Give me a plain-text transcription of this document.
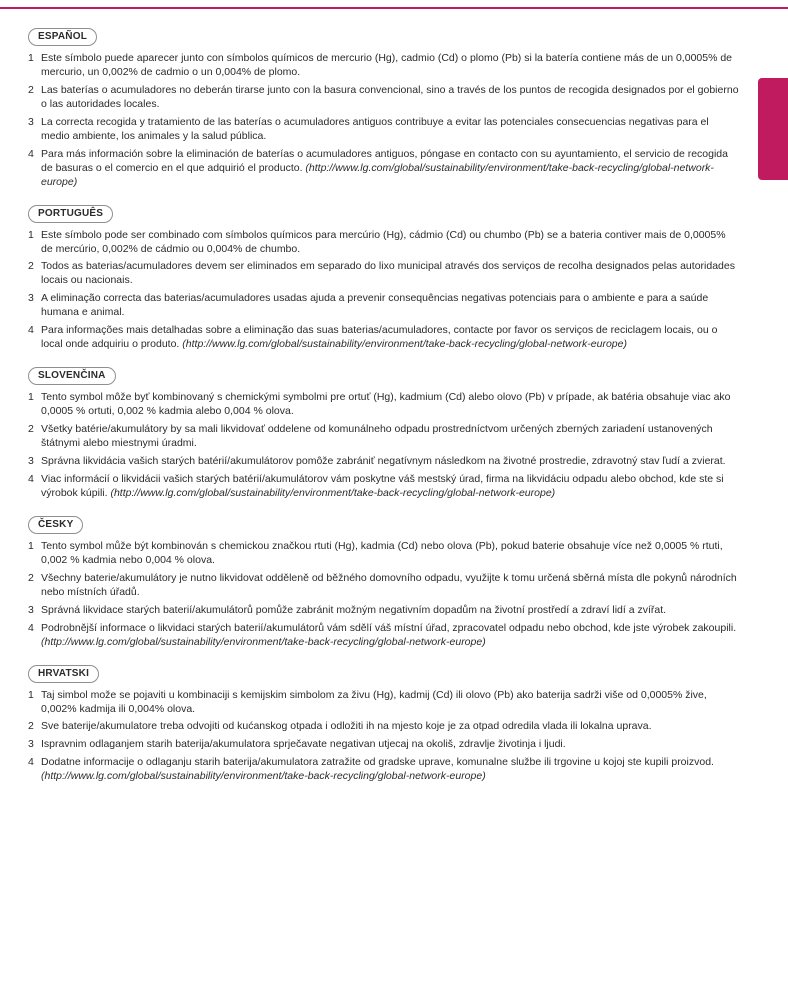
ESPAÑOL
1 Este símbolo puede aparecer junto con símbolos químicos de mercurio (Hg), cadmio (Cd) o plomo (Pb) si la batería contiene más de un 0,0005% de mercurio, un 0,002% de cadmio o un 0,004% de plomo.
2 Las baterías o acumuladores no deberán tirarse junto con la basura convencional, sino a través de los puntos de recogida designados por el gobierno o las autoridades locales.
3 La correcta recogida y tratamiento de las baterías o acumuladores antiguos contribuye a evitar las potenciales consecuencias negativas para el medio ambiente, los animales y la salud pública.
4 Para más información sobre la eliminación de baterías o acumuladores antiguos, póngase en contacto con su ayuntamiento, el servicio de recogida de basuras o el comercio en el que adquirió el producto. (http://www.lg.com/global/sustainability/environment/take-back-recycling/global-network-europe)
PORTUGUÊS
1 Este símbolo pode ser combinado com símbolos químicos para mercúrio (Hg), cádmio (Cd) ou chumbo (Pb) se a bateria contiver mais de 0,0005% de mercúrio, 0,002% de cádmio ou 0,004% de chumbo.
2 Todos as baterias/acumuladores devem ser eliminados em separado do lixo municipal através dos serviços de recolha designados pelas autoridades locais ou nacionais.
3 A eliminação correcta das baterias/acumuladores usadas ajuda a prevenir consequências negativas potenciais para o ambiente e para a saúde humana e animal.
4 Para informações mais detalhadas sobre a eliminação das suas baterias/acumuladores, contacte por favor os serviços de reciclagem locais, ou o local onde adquiriu o produto. (http://www.lg.com/global/sustainability/environment/take-back-recycling/global-network-europe)
SLOVENČINA
1 Tento symbol môže byť kombinovaný s chemickými symbolmi pre ortuť (Hg), kadmium (Cd) alebo olovo (Pb) v prípade, ak batéria obsahuje viac ako 0,0005 % ortuti, 0,002 % kadmia alebo 0,004 % olova.
2 Všetky batérie/akumulátory by sa mali likvidovať oddelene od komunálneho odpadu prostredníctvom určených zberných zariadení ustanovených štátnymi alebo miestnymi úradmi.
3 Správna likvidácia vašich starých batérií/akumulátorov pomôže zabrániť negatívnym následkom na životné prostredie, zdravotný stav ľudí a zvierat.
4 Viac informácií o likvidácii vašich starých batérií/akumulátorov vám poskytne váš mestský úrad, firma na likvidáciu odpadu alebo obchod, kde ste si výrobok kúpili. (http://www.lg.com/global/sustainability/environment/take-back-recycling/global-network-europe)
ČESKY
1 Tento symbol může být kombinován s chemickou značkou rtuti (Hg), kadmia (Cd) nebo olova (Pb), pokud baterie obsahuje více než 0,0005 % rtuti, 0,002 % kadmia nebo 0,004 % olova.
2 Všechny baterie/akumulátory je nutno likvidovat odděleně od běžného domovního odpadu, využijte k tomu určená sběrná místa dle pokynů národních nebo místních úřadů.
3 Správná likvidace starých baterií/akumulátorů pomůže zabránit možným negativním dopadům na životní prostředí a zdraví lidí a zvířat.
4 Podrobnější informace o likvidaci starých baterií/akumulátorů vám sdělí váš místní úřad, zpracovatel odpadu nebo obchod, kde jste výrobek zakoupili. (http://www.lg.com/global/sustainability/environment/take-back-recycling/global-network-europe)
HRVATSKI
1 Taj simbol može se pojaviti u kombinaciji s kemijskim simbolom za živu (Hg), kadmij (Cd) ili olovo (Pb) ako baterija sadrži više od 0,0005% žive, 0,002% kadmija ili 0,004% olova.
2 Sve baterije/akumulatore treba odvojiti od kućanskog otpada i odložiti ih na mjesto koje je za otpad odredila vlada ili lokalna uprava.
3 Ispravnim odlaganjem starih baterija/akumulatora sprječavate negativan utjecaj na okoliš, zdravlje životinja i ljudi.
4 Dodatne informacije o odlaganju starih baterija/akumulatora zatražite od gradske uprave, komunalne službe ili trgovine u kojoj ste kupili proizvod. (http://www.lg.com/global/sustainability/environment/take-back-recycling/global-network-europe)
